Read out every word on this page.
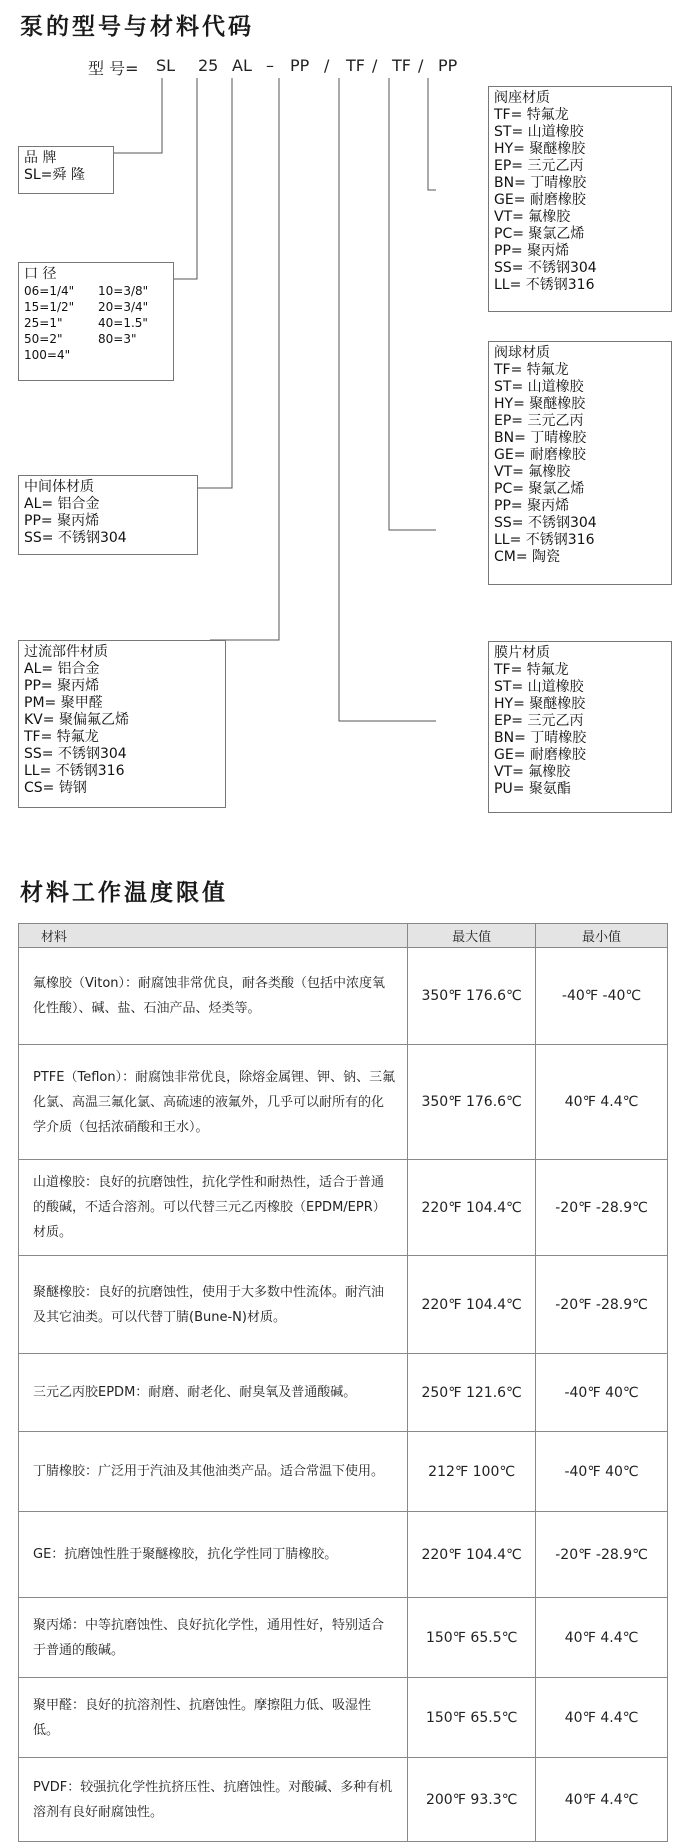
泵的型号与材料代码
型 号= SL 25 AL – PP / TF / TF / PP
品 牌
SL=舜 隆
口 径
06=1/4"	10=3/8"
15=1/2"	20=3/4"
25=1"	40=1.5"
50=2"	80=3"
100=4"
中间体材质
AL= 铝合金
PP= 聚丙烯
SS= 不锈钢304
过流部件材质
AL= 铝合金
PP= 聚丙烯
PM= 聚甲醛
KV= 聚偏氟乙烯
TF= 特氟龙
SS= 不锈钢304
LL= 不锈钢316
CS= 铸钢
阀座材质
TF= 特氟龙
ST= 山道橡胶
HY= 聚醚橡胶
EP= 三元乙丙
BN= 丁晴橡胶
GE= 耐磨橡胶
VT= 氟橡胶
PC= 聚氯乙烯
PP= 聚丙烯
SS= 不锈钢304
LL= 不锈钢316
阀球材质
TF= 特氟龙
ST= 山道橡胶
HY= 聚醚橡胶
EP= 三元乙丙
BN= 丁晴橡胶
GE= 耐磨橡胶
VT= 氟橡胶
PC= 聚氯乙烯
PP= 聚丙烯
SS= 不锈钢304
LL= 不锈钢316
CM= 陶瓷
膜片材质
TF= 特氟龙
ST= 山道橡胶
HY= 聚醚橡胶
EP= 三元乙丙
BN= 丁晴橡胶
GE= 耐磨橡胶
VT= 氟橡胶
PU= 聚氨酯
材料工作温度限值
材料	最大值	最小值
氟橡胶（Viton）：耐腐蚀非常优良，耐各类酸（包括中浓度氧化性酸）、碱、盐、石油产品、烃类等。	350℉ 176.6℃	-40℉ -40℃
PTFE（Teflon）：耐腐蚀非常优良，除熔金属锂、钾、钠、三氟化氯、高温三氟化氯、高硫速的液氟外，几乎可以耐所有的化学介质（包括浓硝酸和王水）。	350℉ 176.6℃	40℉ 4.4℃
山道橡胶：良好的抗磨蚀性，抗化学性和耐热性，适合于普通的酸碱，不适合溶剂。可以代替三元乙丙橡胶（EPDM/EPR）材质。	220℉ 104.4℃	-20℉ -28.9℃
聚醚橡胶：良好的抗磨蚀性，使用于大多数中性流体。耐汽油及其它油类。可以代替丁腈(Bune-N)材质。	220℉ 104.4℃	-20℉ -28.9℃
三元乙丙胶EPDM：耐磨、耐老化、耐臭氧及普通酸碱。	250℉ 121.6℃	-40℉ 40℃
丁腈橡胶：广泛用于汽油及其他油类产品。适合常温下使用。	212℉ 100℃	-40℉ 40℃
GE：抗磨蚀性胜于聚醚橡胶，抗化学性同丁腈橡胶。	220℉ 104.4℃	-20℉ -28.9℃
聚丙烯：中等抗磨蚀性、良好抗化学性，通用性好，特别适合于普通的酸碱。	150℉ 65.5℃	40℉ 4.4℃
聚甲醛：良好的抗溶剂性、抗磨蚀性。摩擦阻力低、吸湿性低。	150℉ 65.5℃	40℉ 4.4℃
PVDF：较强抗化学性抗挤压性、抗磨蚀性。对酸碱、多种有机溶剂有良好耐腐蚀性。	200℉ 93.3℃	40℉ 4.4℃
